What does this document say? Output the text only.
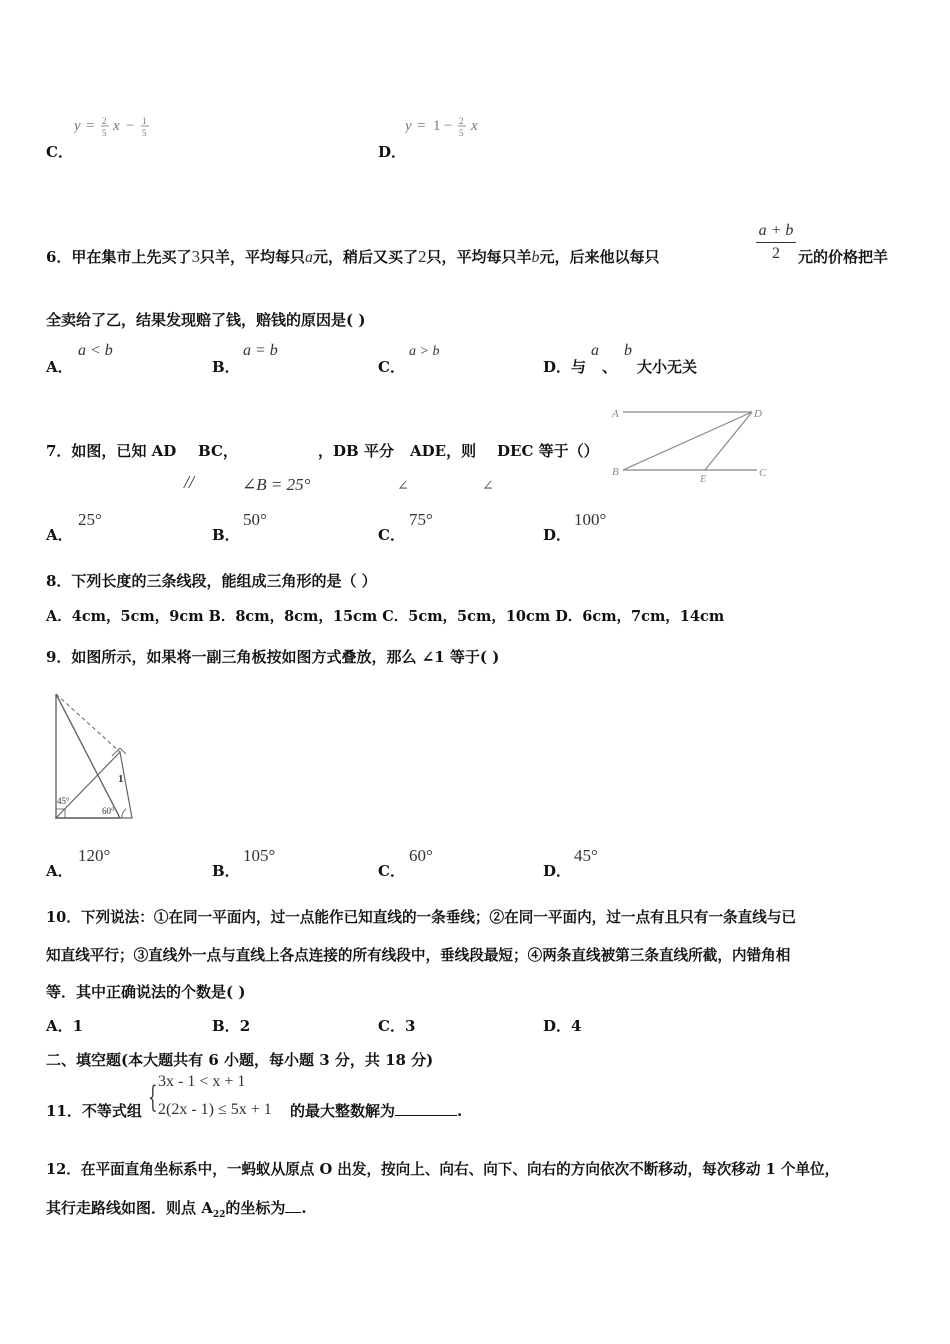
C．
y = 2
5 x − 1
5
D．
y = 1 − 2
5 x
6．甲在集市上先买了3只羊，平均每只a元，稍后又买了2只，平均每只羊b元，后来他以每只
a + b
2	元的价格把羊
全卖给了乙，结果发现赔了钱，赔钱的原因是( )
A．
a < b
B．
a = b
C．
a > b
D．与
a
、
b
大小无关
7．如图，已知 AD BC，	，DB 平分 ADE，则 DEC 等于（）
//	∠B = 25°	∠	∠
A	D
B
E
C
A．
25°
B．
50°
C．
75°
D．
100°
8．下列长度的三条线段，能组成三角形的是（ ）
A．4cm，5cm，9cm B．8cm，8cm，15cm C．5cm，5cm，10cm D．6cm，7cm，14cm
9．如图所示，如果将一副三角板按如图方式叠放，那么 ∠1 等于( )
1
45°
60°
A．
120°
B．
105°
C．
60°
D．
45°
10．下列说法：①在同一平面内，过一点能作已知直线的一条垂线；②在同一平面内，过一点有且只有一条直线与已
知直线平行；③直线外一点与直线上各点连接的所有线段中，垂线段最短；④两条直线被第三条直线所截，内错角相
等．其中正确说法的个数是( )
A．1	B．2	C．3	D．4
二、填空题(本大题共有 6 小题，每小题 3 分，共 18 分)
11．不等式组 { 3x - 1 < x + 1
2(2x - 1) ≤ 5x + 1 的最大整数解为	.
12．在平面直角坐标系中，一蚂蚁从原点 O 出发，按向上、向右、向下、向右的方向依次不断移动，每次移动 1 个单位，
其行走路线如图．则点 $A_{22}$的坐标为 .
